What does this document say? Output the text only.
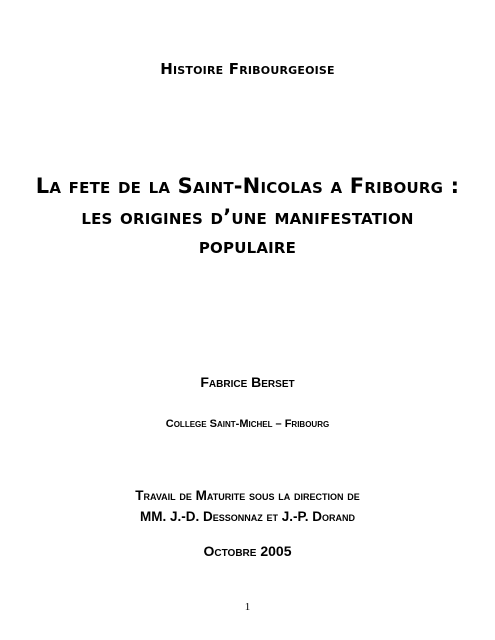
Histoire Fribourgeoise
La fete de la Saint-Nicolas a Fribourg :
les origines d’une manifestation
populaire
Fabrice Berset
College Saint-Michel – Fribourg
Travail de Maturite sous la direction de
MM. J.-D. Dessonnaz et J.-P. Dorand
Octobre 2005
1
